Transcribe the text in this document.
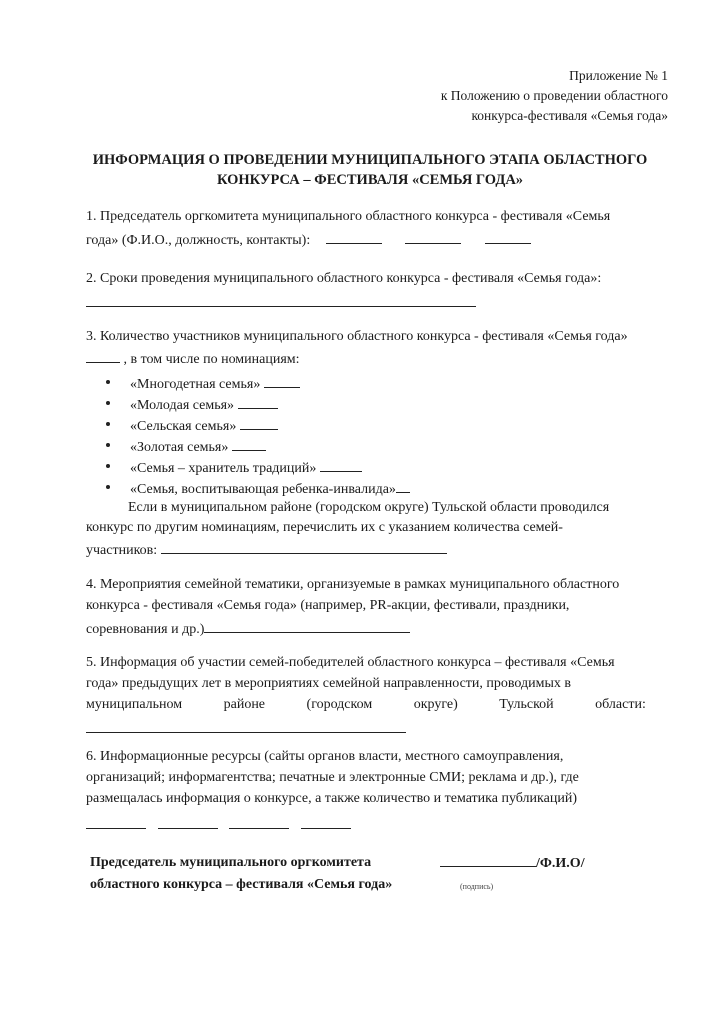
Приложение № 1
к Положению о проведении областного
конкурса-фестиваля «Семья года»
ИНФОРМАЦИЯ О ПРОВЕДЕНИИ МУНИЦИПАЛЬНОГО ЭТАПА ОБЛАСТНОГО
КОНКУРСА – ФЕСТИВАЛЯ «СЕМЬЯ ГОДА»
1. Председатель оргкомитета муниципального областного конкурса - фестиваля «Семья
года» (Ф.И.О., должность, контакты):
2. Сроки проведения муниципального областного конкурса - фестиваля «Семья года»:
3. Количество участников муниципального областного конкурса - фестиваля «Семья года»
, в том числе по номинациям:
«Многодетная семья»
«Молодая семья»
«Сельская семья»
«Золотая семья»
«Семья – хранитель традиций»
«Семья, воспитывающая ребенка-инвалида»
Если в муниципальном районе (городском округе) Тульской области проводился
конкурс по другим номинациям, перечислить их с указанием количества семей-
участников:
4. Мероприятия семейной тематики, организуемые в рамках муниципального областного
конкурса - фестиваля «Семья года» (например, PR-акции, фестивали, праздники,
соревнования и др.)
5. Информация об участии семей-победителей областного конкурса – фестиваля «Семья
года» предыдущих лет в мероприятиях семейной направленности, проводимых в
муниципальном районе (городском округе) Тульской области:
6. Информационные ресурсы (сайты органов власти, местного самоуправления,
организаций; информагентства; печатные и электронные СМИ; реклама и др.), где
размещалась информация о конкурсе, а также количество и тематика публикаций)

Председатель муниципального оргкомитета
областного конкурса – фестиваля «Семья года»
/Ф.И.О/
(подпись)
